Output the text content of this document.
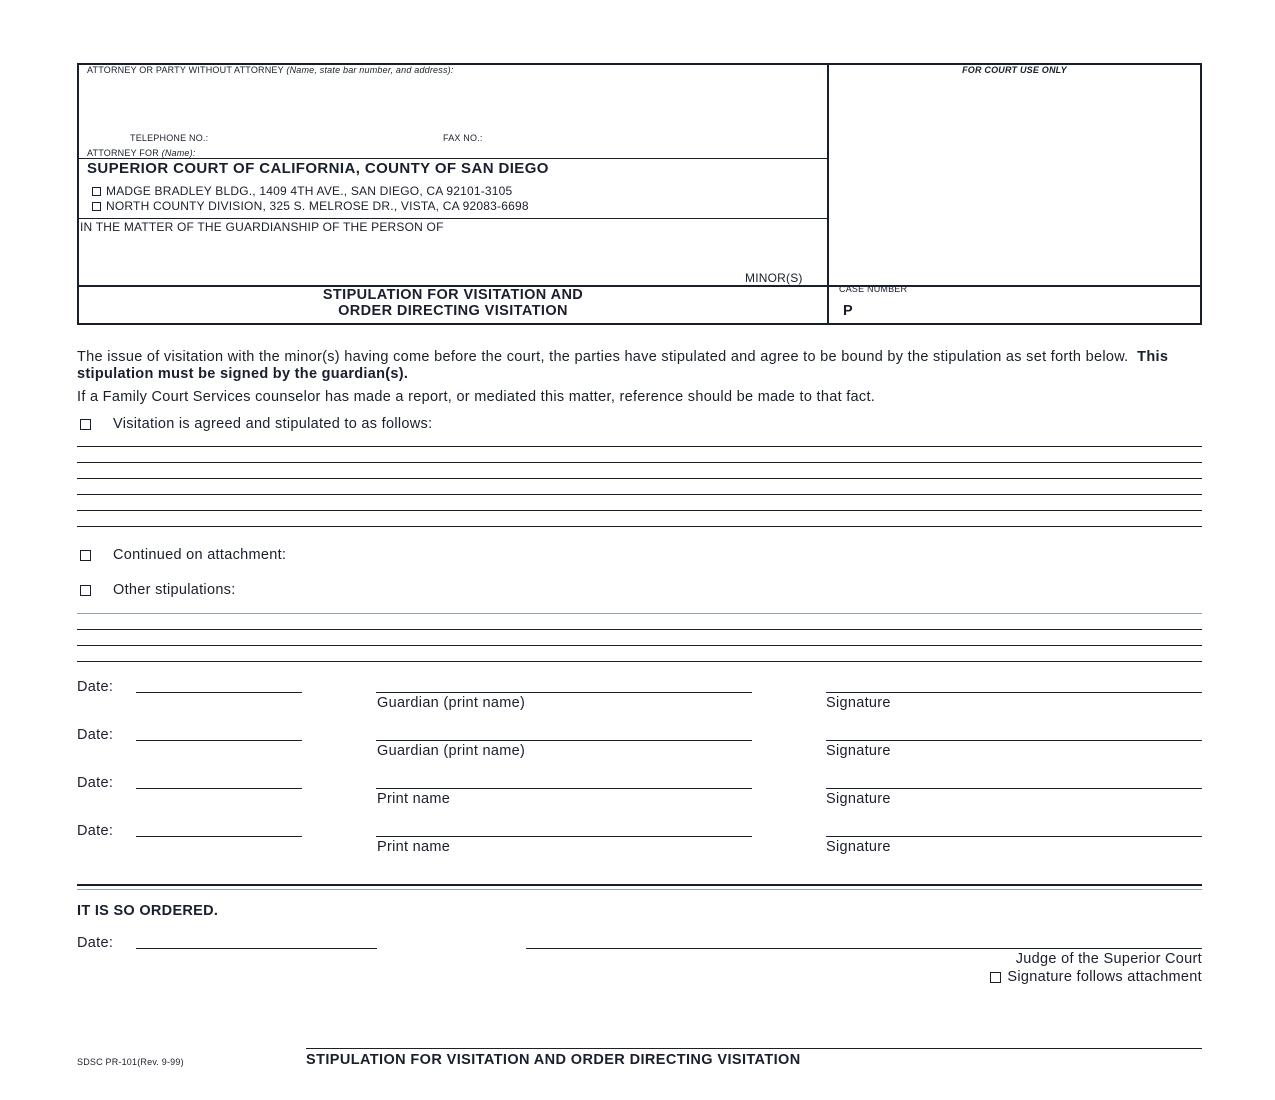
ATTORNEY OR PARTY WITHOUT ATTORNEY (Name, state bar number, and address):	FOR COURT USE ONLY
TELEPHONE NO.:	FAX NO.:
ATTORNEY FOR (Name):
SUPERIOR COURT OF CALIFORNIA, COUNTY OF SAN DIEGO
MADGE BRADLEY BLDG., 1409 4TH AVE., SAN DIEGO, CA 92101-3105
NORTH COUNTY DIVISION, 325 S. MELROSE DR., VISTA, CA 92083-6698
IN THE MATTER OF THE GUARDIANSHIP OF THE PERSON OF
MINOR(S)
STIPULATION FOR VISITATION AND
ORDER DIRECTING VISITATION
CASE NUMBER
P
The issue of visitation with the minor(s) having come before the court, the parties have stipulated and agree to be bound by the stipulation as set forth below. This stipulation must be signed by the guardian(s).
If a Family Court Services counselor has made a report, or mediated this matter, reference should be made to that fact.
Visitation is agreed and stipulated to as follows:
Continued on attachment:
Other stipulations:
Date:
Guardian (print name)	Signature
Date:
Guardian (print name)	Signature
Date:
Print name	Signature
Date:
Print name	Signature
IT IS SO ORDERED.
Date:
Judge of the Superior Court
Signature follows attachment
SDSC PR-101(Rev. 9-99)	STIPULATION FOR VISITATION AND ORDER DIRECTING VISITATION
